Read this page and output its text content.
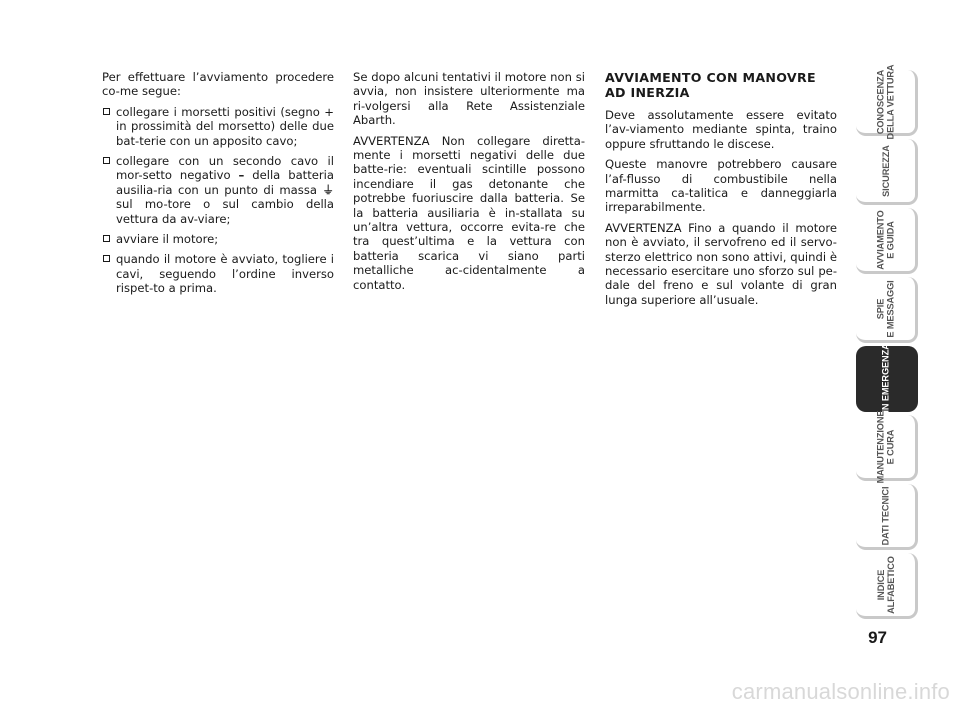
Per effettuare l’avviamento procedere co-me segue:

collegare i morsetti positivi (segno + in prossimità del morsetto) delle due bat-terie con un apposito cavo;
collegare con un secondo cavo il mor-setto negativo – della batteria ausilia-ria con un punto di massa ⏚ sul mo-tore o sul cambio della vettura da av-viare;
avviare il motore;
quando il motore è avviato, togliere i cavi, seguendo l’ordine inverso rispet-to a prima.

Se dopo alcuni tentativi il motore non si avvia, non insistere ulteriormente ma ri-volgersi alla Rete Assistenziale Abarth.

AVVERTENZA Non collegare diretta-mente i morsetti negativi delle due batte-rie: eventuali scintille possono incendiare il gas detonante che potrebbe fuoriuscire dalla batteria. Se la batteria ausiliaria è in-stallata su un’altra vettura, occorre evita-re che tra quest’ultima e la vettura con batteria scarica vi siano parti metalliche ac-cidentalmente a contatto.

AVVIAMENTO CON MANOVRE AD INERZIA

Deve assolutamente essere evitato l’av-viamento mediante spinta, traino oppure sfruttando le discese.

Queste manovre potrebbero causare l’af-flusso di combustibile nella marmitta ca-talitica e danneggiarla irreparabilmente.

AVVERTENZA Fino a quando il motore non è avviato, il servofreno ed il servo-sterzo elettrico non sono attivi, quindi è necessario esercitare uno sforzo sul pe-dale del freno e sul volante di gran lunga superiore all’usuale.

CONOSCENZA DELLA VETTURA
SICUREZZA
AVVIAMENTO E GUIDA
SPIE E MESSAGGI
IN EMERGENZA
MANUTENZIONE E CURA
DATI TECNICI
INDICE ALFABETICO
97
carmanualsonline.info
